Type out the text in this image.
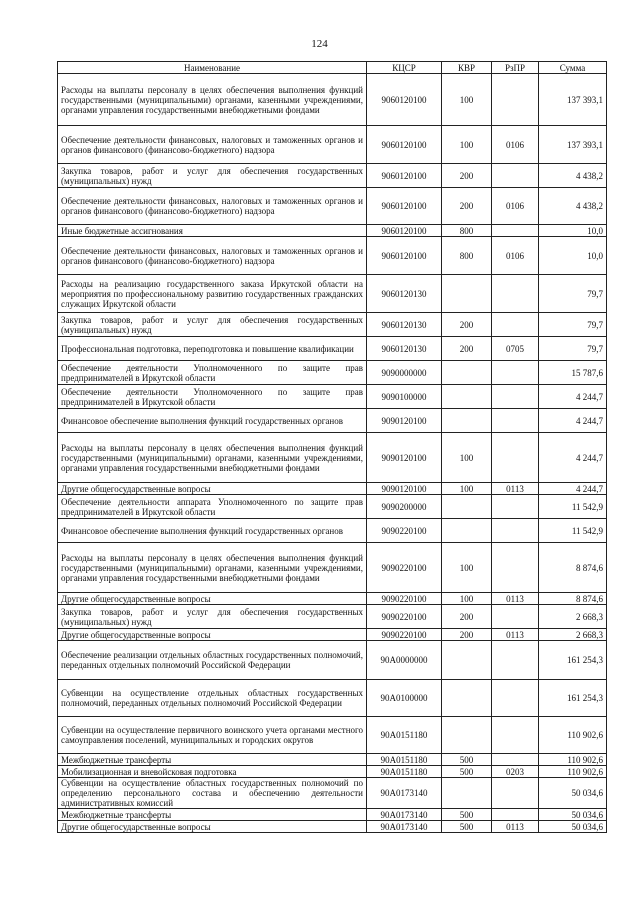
124
Наименование	КЦСР	КВР	РзПР	Сумма
Расходы на выплаты персоналу в целях обеспечения выполнения функций государственными (муниципальными) органами, казенными учреждениями, органами управления государственными внебюджетными фондами	9060120100	100		137 393,1
Обеспечение деятельности финансовых, налоговых и таможенных органов и органов финансового (финансово-бюджетного) надзора	9060120100	100	0106	137 393,1
Закупка товаров, работ и услуг для обеспечения государственных (муниципальных) нужд	9060120100	200		4 438,2
Обеспечение деятельности финансовых, налоговых и таможенных органов и органов финансового (финансово-бюджетного) надзора	9060120100	200	0106	4 438,2
Иные бюджетные ассигнования	9060120100	800		10,0
Обеспечение деятельности финансовых, налоговых и таможенных органов и органов финансового (финансово-бюджетного) надзора	9060120100	800	0106	10,0
Расходы на реализацию государственного заказа Иркутской области на мероприятия по профессиональному развитию государственных гражданских служащих Иркутской области	9060120130			79,7
Закупка товаров, работ и услуг для обеспечения государственных (муниципальных) нужд	9060120130	200		79,7
Профессиональная подготовка, переподготовка и повышение квалификации	9060120130	200	0705	79,7
Обеспечение деятельности Уполномоченного по защите прав предпринимателей в Иркутской области	9090000000			15 787,6
Обеспечение деятельности Уполномоченного по защите прав предпринимателей в Иркутской области	9090100000			4 244,7
Финансовое обеспечение выполнения функций государственных органов	9090120100			4 244,7
Расходы на выплаты персоналу в целях обеспечения выполнения функций государственными (муниципальными) органами, казенными учреждениями, органами управления государственными внебюджетными фондами	9090120100	100		4 244,7
Другие общегосударственные вопросы	9090120100	100	0113	4 244,7
Обеспечение деятельности аппарата Уполномоченного по защите прав предпринимателей в Иркутской области	9090200000			11 542,9
Финансовое обеспечение выполнения функций государственных органов	9090220100			11 542,9
Расходы на выплаты персоналу в целях обеспечения выполнения функций государственными (муниципальными) органами, казенными учреждениями, органами управления государственными внебюджетными фондами	9090220100	100		8 874,6
Другие общегосударственные вопросы	9090220100	100	0113	8 874,6
Закупка товаров, работ и услуг для обеспечения государственных (муниципальных) нужд	9090220100	200		2 668,3
Другие общегосударственные вопросы	9090220100	200	0113	2 668,3
Обеспечение реализации отдельных областных государственных полномочий, переданных отдельных полномочий Российской Федерации	90А0000000			161 254,3
Субвенции на осуществление отдельных областных государственных полномочий, переданных отдельных полномочий Российской Федерации	90А0100000			161 254,3
Субвенции на осуществление первичного воинского учета органами местного самоуправления поселений, муниципальных и городских округов	90А0151180			110 902,6
Межбюджетные трансферты	90А0151180	500		110 902,6
Мобилизационная и вневойсковая подготовка	90А0151180	500	0203	110 902,6
Субвенции на осуществление областных государственных полномочий по определению персонального состава и обеспечению деятельности административных комиссий	90А0173140			50 034,6
Межбюджетные трансферты	90А0173140	500		50 034,6
Другие общегосударственные вопросы	90А0173140	500	0113	50 034,6
